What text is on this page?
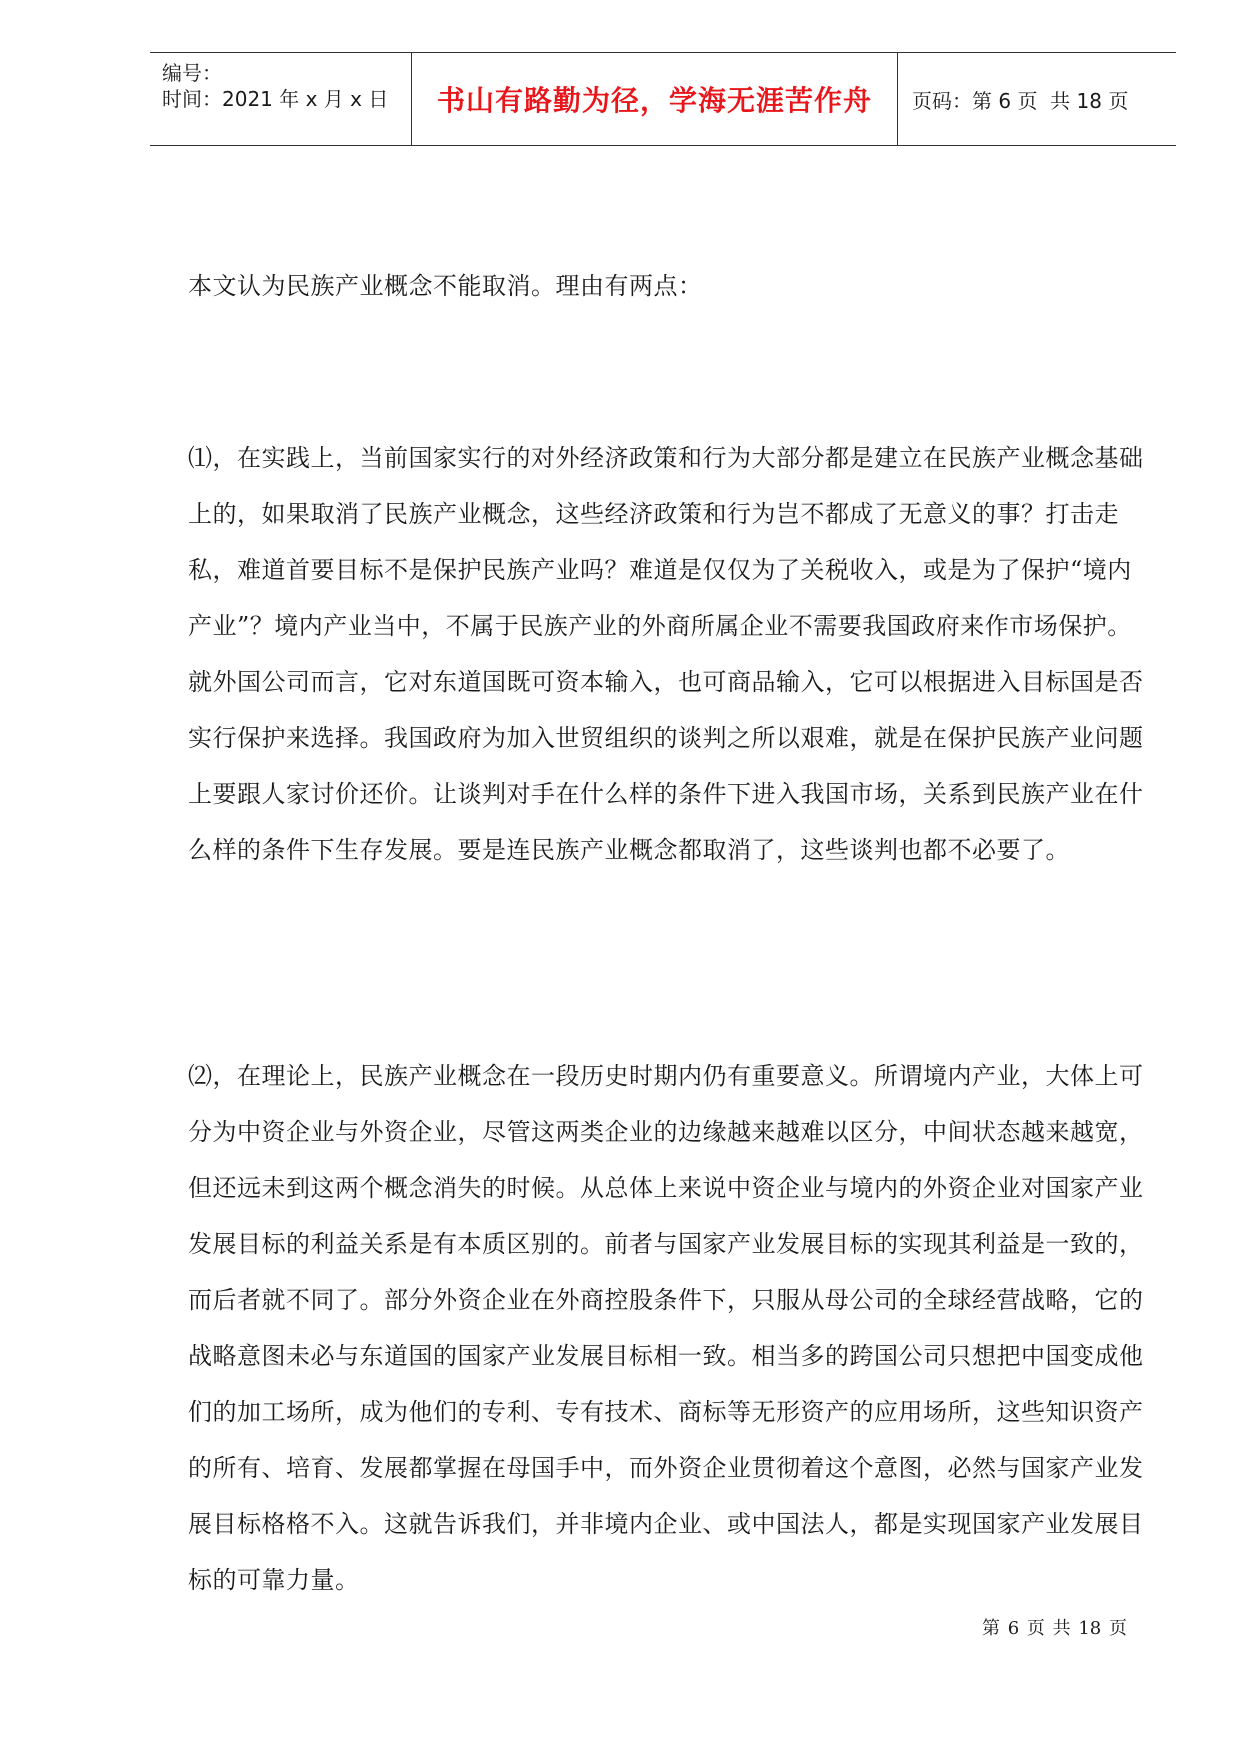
编号：
时间：2021 年 x 月 x 日 书山有路勤为径，学海无涯苦作舟 页码：第 6 页  共 18 页
本文认为民族产业概念不能取消。理由有两点：
⑴，在实践上，当前国家实行的对外经济政策和行为大部分都是建立在民族产业概念基础上的，如果取消了民族产业概念，这些经济政策和行为岂不都成了无意义的事？打击走私，难道首要目标不是保护民族产业吗？难道是仅仅为了关税收入，或是为了保护“境内产业”？境内产业当中，不属于民族产业的外商所属企业不需要我国政府来作市场保护。就外国公司而言，它对东道国既可资本输入，也可商品输入，它可以根据进入目标国是否实行保护来选择。我国政府为加入世贸组织的谈判之所以艰难，就是在保护民族产业问题上要跟人家讨价还价。让谈判对手在什么样的条件下进入我国市场，关系到民族产业在什么样的条件下生存发展。要是连民族产业概念都取消了，这些谈判也都不必要了。
⑵，在理论上，民族产业概念在一段历史时期内仍有重要意义。所谓境内产业，大体上可分为中资企业与外资企业，尽管这两类企业的边缘越来越难以区分，中间状态越来越宽，但还远未到这两个概念消失的时候。从总体上来说中资企业与境内的外资企业对国家产业发展目标的利益关系是有本质区别的。前者与国家产业发展目标的实现其利益是一致的，而后者就不同了。部分外资企业在外商控股条件下，只服从母公司的全球经营战略，它的战略意图未必与东道国的国家产业发展目标相一致。相当多的跨国公司只想把中国变成他们的加工场所，成为他们的专利、专有技术、商标等无形资产的应用场所，这些知识资产的所有、培育、发展都掌握在母国手中，而外资企业贯彻着这个意图，必然与国家产业发展目标格格不入。这就告诉我们，并非境内企业、或中国法人，都是实现国家产业发展目标的可靠力量。
第 6 页 共 18 页
